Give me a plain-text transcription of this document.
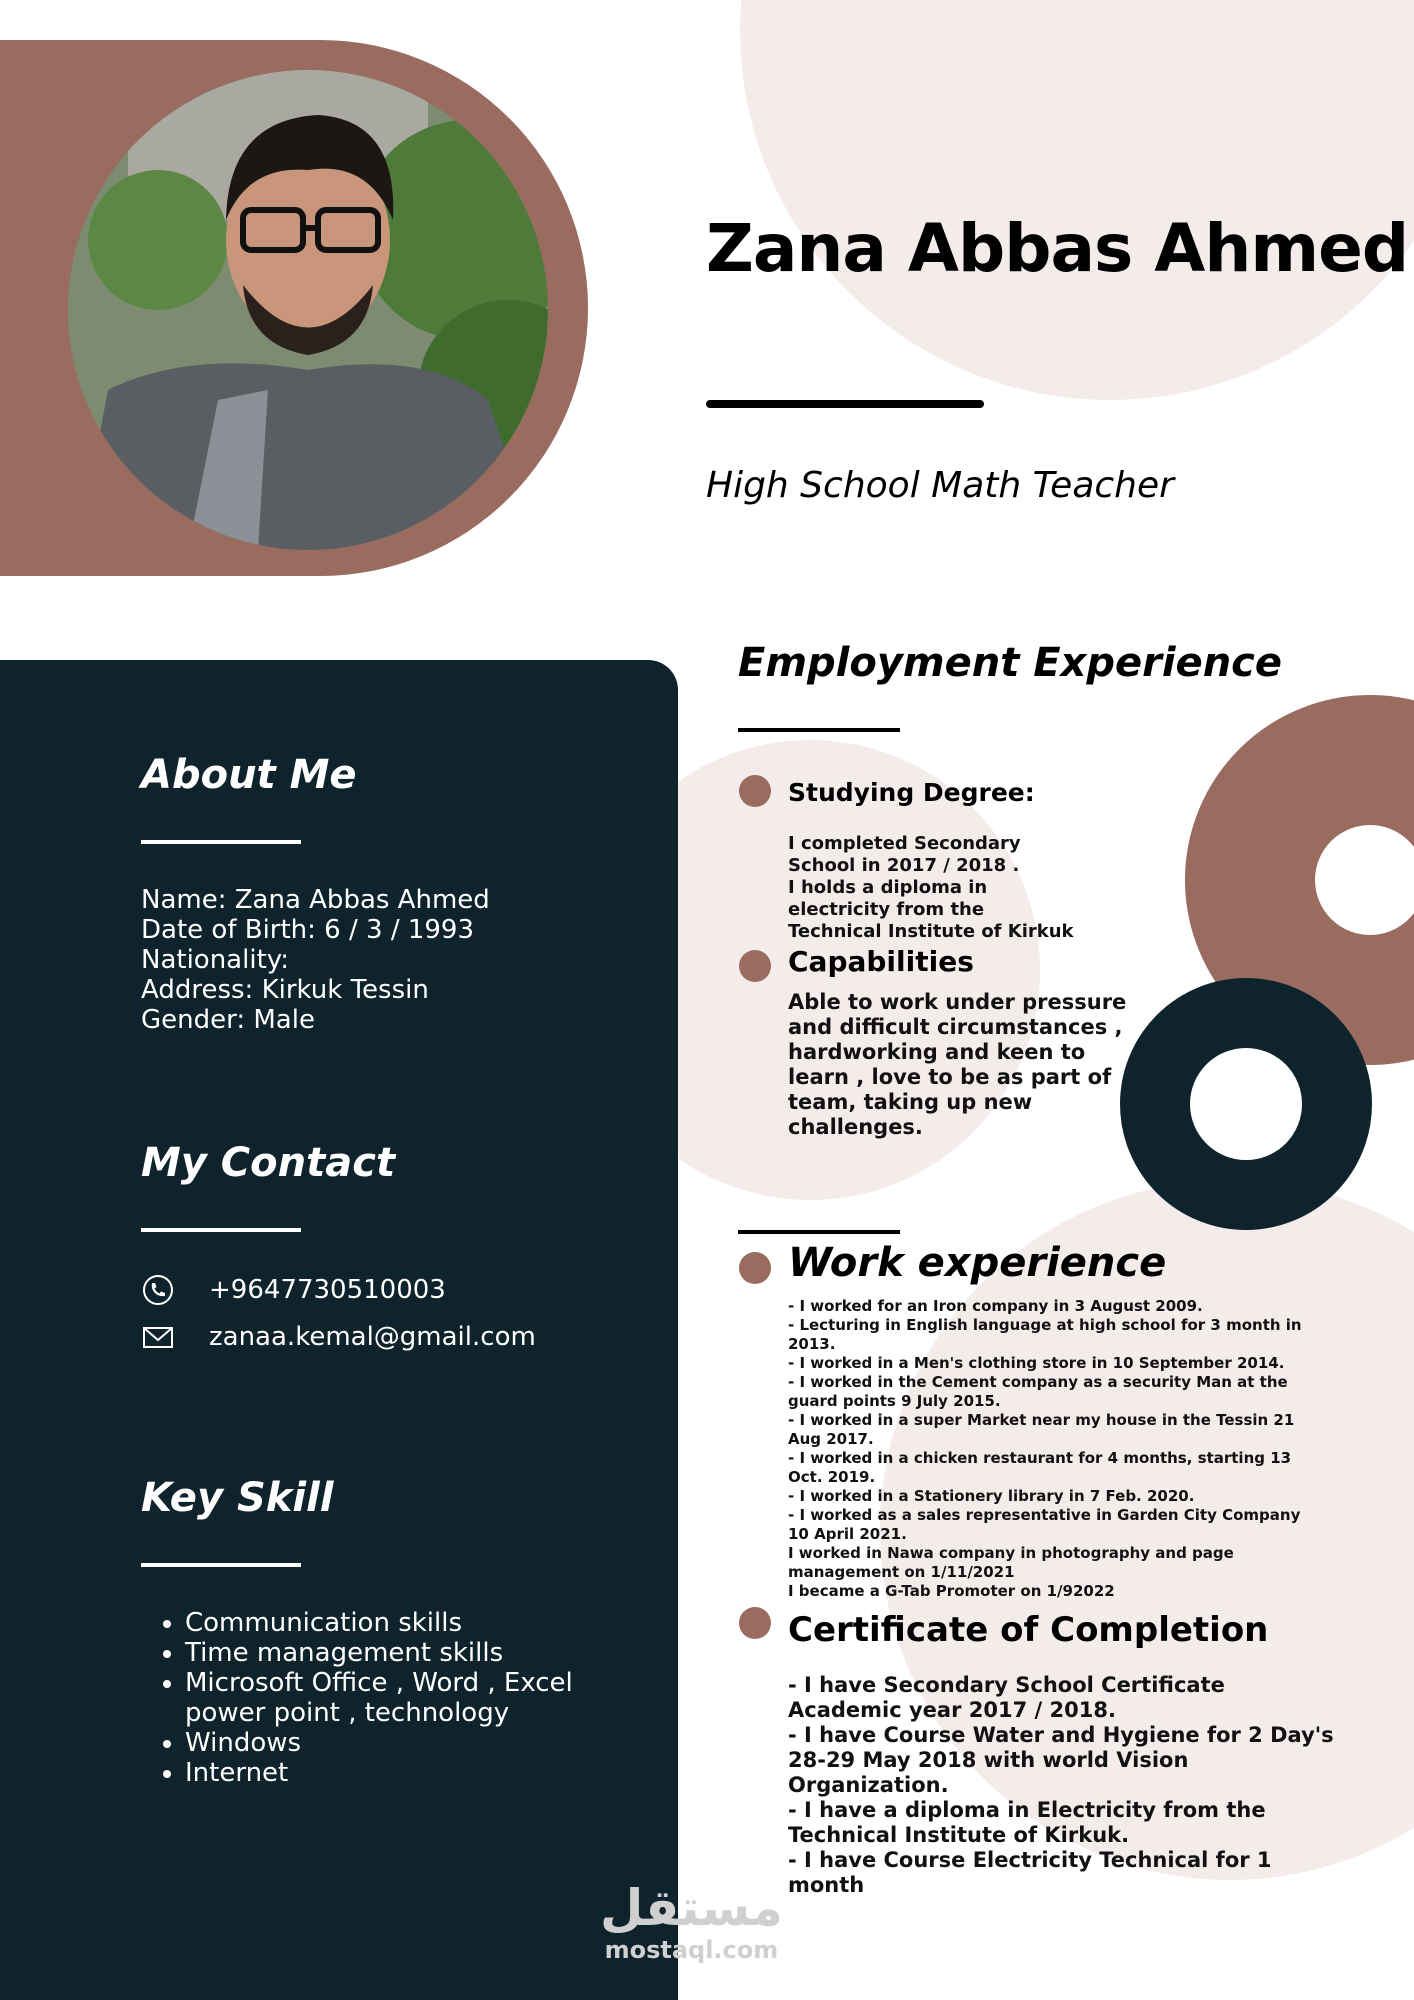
Zana Abbas Ahmed
High School Math Teacher
About Me
Name: Zana Abbas Ahmed
Date of Birth: 6 / 3 / 1993
Nationality:
Address: Kirkuk Tessin
Gender: Male
My Contact
+9647730510003
zanaa.kemal@gmail.com
Key Skill
• Communication skills
• Time management skills
• Microsoft Office , Word , Excel
power point , technology
• Windows
• Internet
Employment Experience
Studying Degree:
I completed Secondary
School in 2017 / 2018 .
I holds a diploma in
electricity from the
Technical Institute of Kirkuk
Capabilities
Able to work under pressure
and difficult circumstances ,
hardworking and keen to
learn , love to be as part of
team, taking up new
challenges.
Work experience
- I worked for an Iron company in 3 August 2009.
- Lecturing in English language at high school for 3 month in
2013.
- I worked in a Men's clothing store in 10 September 2014.
- I worked in the Cement company as a security Man at the
guard points 9 July 2015.
- I worked in a super Market near my house in the Tessin 21
Aug 2017.
- I worked in a chicken restaurant for 4 months, starting 13
Oct. 2019.
- I worked in a Stationery library in 7 Feb. 2020.
- I worked as a sales representative in Garden City Company
10 April 2021.
I worked in Nawa company in photography and page
management on 1/11/2021
I became a G-Tab Promoter on 1/92022
Certificate of Completion
- I have Secondary School Certificate
Academic year 2017 / 2018.
- I have Course Water and Hygiene for 2 Day's
28-29 May 2018 with world Vision
Organization.
- I have a diploma in Electricity from the
Technical Institute of Kirkuk.
- I have Course Electricity Technical for 1
month
مستقل
mostaql.com
